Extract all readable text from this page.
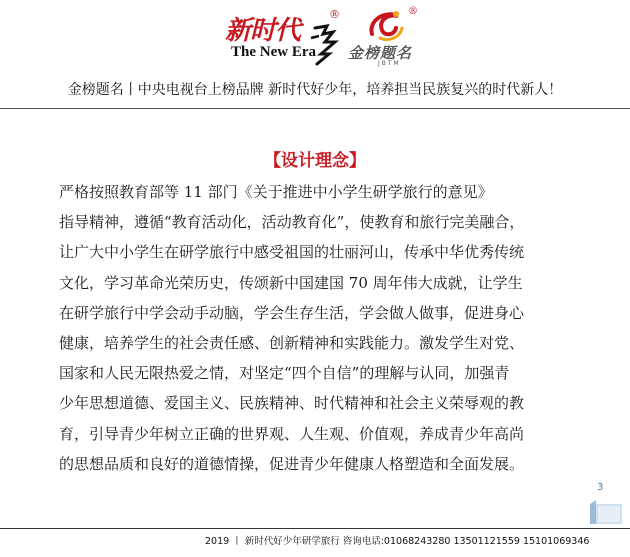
新时代
®
The New Era
®
金榜题名
JBTM
金榜题名丨中央电视台上榜品牌 新时代好少年，培养担当民族复兴的时代新人！
【设计理念】
严格按照教育部等 11 部门《关于推进中小学生研学旅行的意见》
指导精神，遵循“教育活动化，活动教育化”，使教育和旅行完美融合，
让广大中小学生在研学旅行中感受祖国的壮丽河山，传承中华优秀传统
文化，学习革命光荣历史，传颂新中国建国 70 周年伟大成就，让学生
在研学旅行中学会动手动脑，学会生存生活，学会做人做事，促进身心
健康，培养学生的社会责任感、创新精神和实践能力。激发学生对党、
国家和人民无限热爱之情，对坚定“四个自信”的理解与认同，加强青
少年思想道德、爱国主义、民族精神、时代精神和社会主义荣辱观的教
育，引导青少年树立正确的世界观、人生观、价值观，养成青少年高尚
的思想品质和良好的道德情操，促进青少年健康人格塑造和全面发展。
3
2019 丨 新时代好少年研学旅行 咨询电话:01068243280 13501121559 15101069346
